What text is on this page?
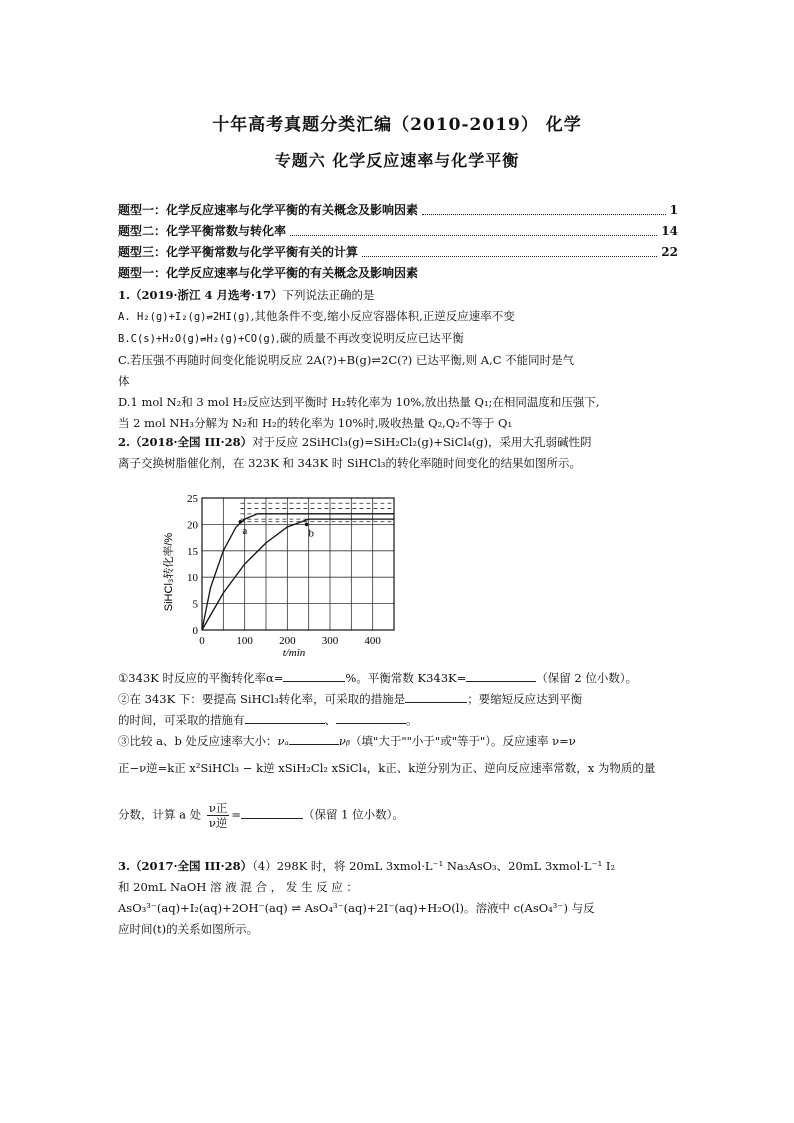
十年高考真题分类汇编（2010-2019） 化学
专题六 化学反应速率与化学平衡
题型一：化学反应速率与化学平衡的有关概念及影响因素	1
题型二：化学平衡常数与转化率	14
题型三：化学平衡常数与化学平衡有关的计算	22
题型一：化学反应速率与化学平衡的有关概念及影响因素

1.（2019·浙江 4 月选考·17）下列说法正确的是

A. H₂(g)+I₂(g)⇌2HI(g),其他条件不变,缩小反应容器体积,正逆反应速率不变

B.C(s)+H₂O(g)⇌H₂(g)+CO(g),碳的质量不再改变说明反应已达平衡

C.若压强不再随时间变化能说明反应 2A(?)+B(g)⇌2C(?) 已达平衡,则 A,C 不能同时是气

体

D.1 mol N₂和 3 mol H₂反应达到平衡时 H₂转化率为 10%,放出热量 Q₁;在相同温度和压强下,

当 2 mol NH₃分解为 N₂和 H₂的转化率为 10%时,吸收热量 Q₂,Q₂不等于 Q₁

2.（2018·全国 III·28）对于反应 2SiHCl₃(g)=SiH₂Cl₂(g)+SiCl₄(g)，采用大孔弱碱性阴

离子交换树脂催化剂，在 323K 和 343K 时 SiHCl₃的转化率随时间变化的结果如图所示。

SiHCl₃转化率/%
0
5
10
15
20
25
0	100 200 300 400
a	b
t/min

①343K 时反应的平衡转化率α=	%。平衡常数 K343K=	（保留 2 位小数）。

②在 343K 下：要提高 SiHCl₃转化率，可采取的措施是	；要缩短反应达到平衡

的时间，可采取的措施有	、	。

③比较 a、b 处反应速率大小：νₐ	νᵦ（填"大于""小于"或"等于"）。反应速率 ν=ν

正−ν逆=k正 x²SiHCl₃ − k逆 xSiH₂Cl₂ xSiCl₄，k正、k逆分别为正、逆向反应速率常数，x 为物质的量

分数，计算 a 处 $\frac{\text{ν正}}{\text{ν逆}}$ =	（保留 1 位小数）。

3.（2017·全国 III·28）（4）298K 时，将 20mL 3xmol·L⁻¹ Na₃AsO₃、20mL 3xmol·L⁻¹ I₂

和 20mL NaOH 溶 液 混 合 ， 发 生 反 应 ：

AsO₃³⁻(aq)+I₂(aq)+2OH⁻(aq) ⇌ AsO₄³⁻(aq)+2I⁻(aq)+H₂O(l)。溶液中 c(AsO₄³⁻) 与反

应时间(t)的关系如图所示。
